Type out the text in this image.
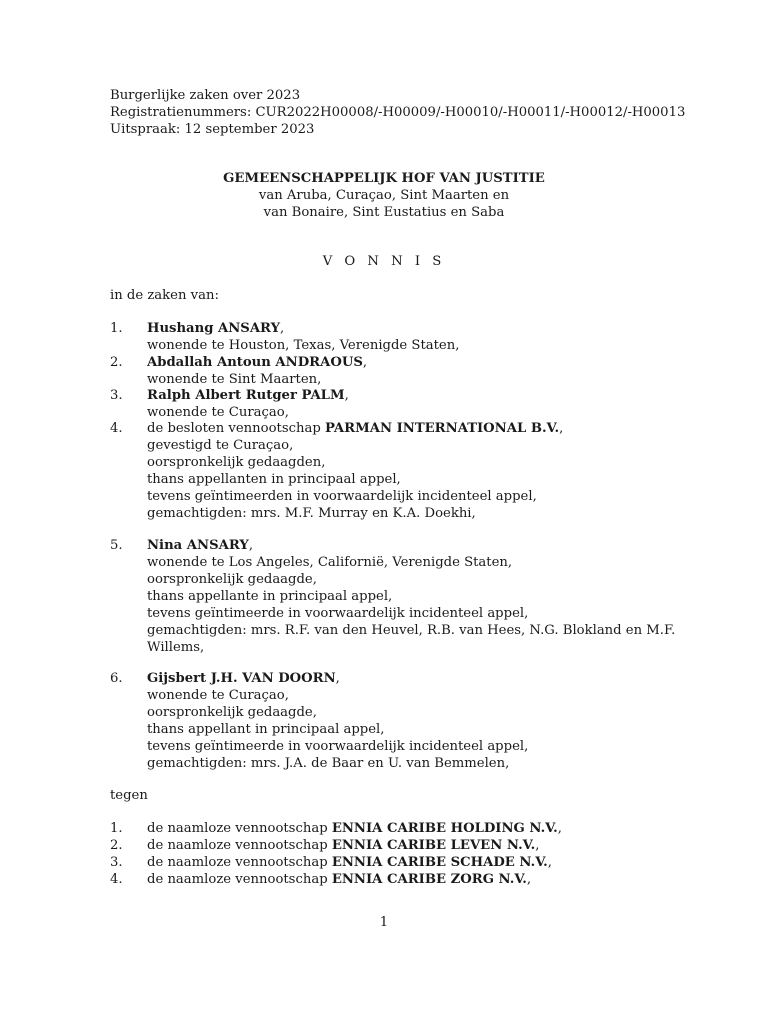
Burgerlijke zaken over 2023
Registratienummers: CUR2022H00008/-H00009/-H00010/-H00011/-H00012/-H00013
Uitspraak: 12 september 2023
GEMEENSCHAPPELIJK HOF VAN JUSTITIE
van Aruba, Curaçao, Sint Maarten en
van Bonaire, Sint Eustatius en Saba
V O N N I S
in de zaken van:
1. Hushang ANSARY,
wonende te Houston, Texas, Verenigde Staten,
2. Abdallah Antoun ANDRAOUS,
wonende te Sint Maarten,
3. Ralph Albert Rutger PALM,
wonende te Curaçao,
4. de besloten vennootschap PARMAN INTERNATIONAL B.V.,
gevestigd te Curaçao,
oorspronkelijk gedaagden,
thans appellanten in principaal appel,
tevens geïntimeerden in voorwaardelijk incidenteel appel,
gemachtigden: mrs. M.F. Murray en K.A. Doekhi,
5. Nina ANSARY,
wonende te Los Angeles, Californië, Verenigde Staten,
oorspronkelijk gedaagde,
thans appellante in principaal appel,
tevens geïntimeerde in voorwaardelijk incidenteel appel,
gemachtigden: mrs. R.F. van den Heuvel, R.B. van Hees, N.G. Blokland en M.F.
Willems,
6. Gijsbert J.H. VAN DOORN,
wonende te Curaçao,
oorspronkelijk gedaagde,
thans appellant in principaal appel,
tevens geïntimeerde in voorwaardelijk incidenteel appel,
gemachtigden: mrs. J.A. de Baar en U. van Bemmelen,
tegen
1. de naamloze vennootschap ENNIA CARIBE HOLDING N.V.,
2. de naamloze vennootschap ENNIA CARIBE LEVEN N.V.,
3. de naamloze vennootschap ENNIA CARIBE SCHADE N.V.,
4. de naamloze vennootschap ENNIA CARIBE ZORG N.V.,
1
